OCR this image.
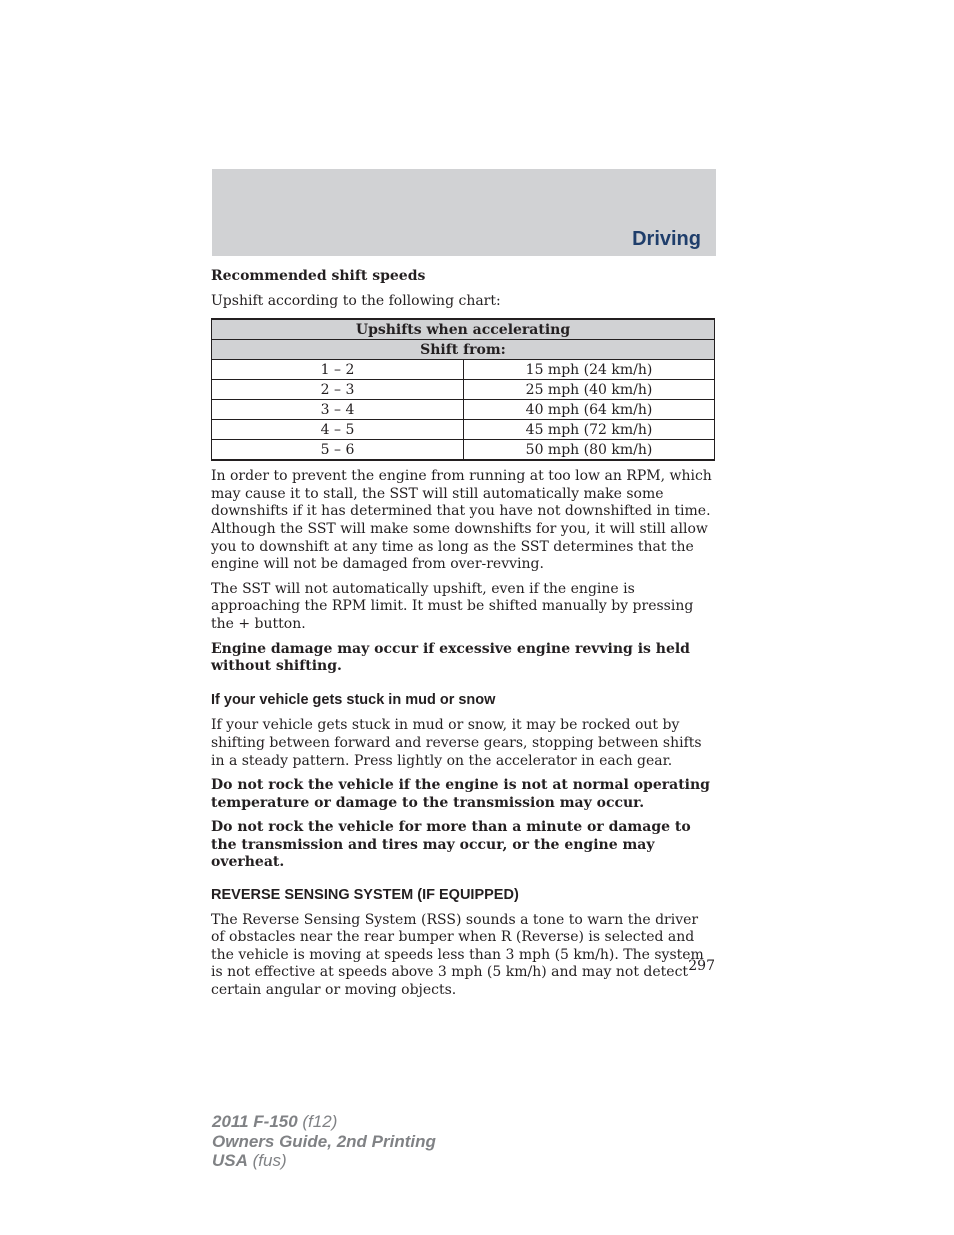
Driving

Recommended shift speeds

Upshift according to the following chart:

Upshifts when accelerating	
Shift from:	
1 – 2	15 mph (24 km/h)
2 – 3	25 mph (40 km/h)
3 – 4	40 mph (64 km/h)
4 – 5	45 mph (72 km/h)
5 – 6	50 mph (80 km/h)

In order to prevent the engine from running at too low an RPM, which may cause it to stall, the SST will still automatically make some downshifts if it has determined that you have not downshifted in time. Although the SST will make some downshifts for you, it will still allow you to downshift at any time as long as the SST determines that the engine will not be damaged from over-revving.

The SST will not automatically upshift, even if the engine is approaching the RPM limit. It must be shifted manually by pressing the + button.

Engine damage may occur if excessive engine revving is held without shifting.

If your vehicle gets stuck in mud or snow

If your vehicle gets stuck in mud or snow, it may be rocked out by shifting between forward and reverse gears, stopping between shifts in a steady pattern. Press lightly on the accelerator in each gear.

Do not rock the vehicle if the engine is not at normal operating temperature or damage to the transmission may occur.

Do not rock the vehicle for more than a minute or damage to the transmission and tires may occur, or the engine may overheat.

REVERSE SENSING SYSTEM (IF EQUIPPED)

The Reverse Sensing System (RSS) sounds a tone to warn the driver of obstacles near the rear bumper when R (Reverse) is selected and the vehicle is moving at speeds less than 3 mph (5 km/h). The system is not effective at speeds above 3 mph (5 km/h) and may not detect certain angular or moving objects.

297
2011 F-150 (f12)
Owners Guide, 2nd Printing
USA (fus)
